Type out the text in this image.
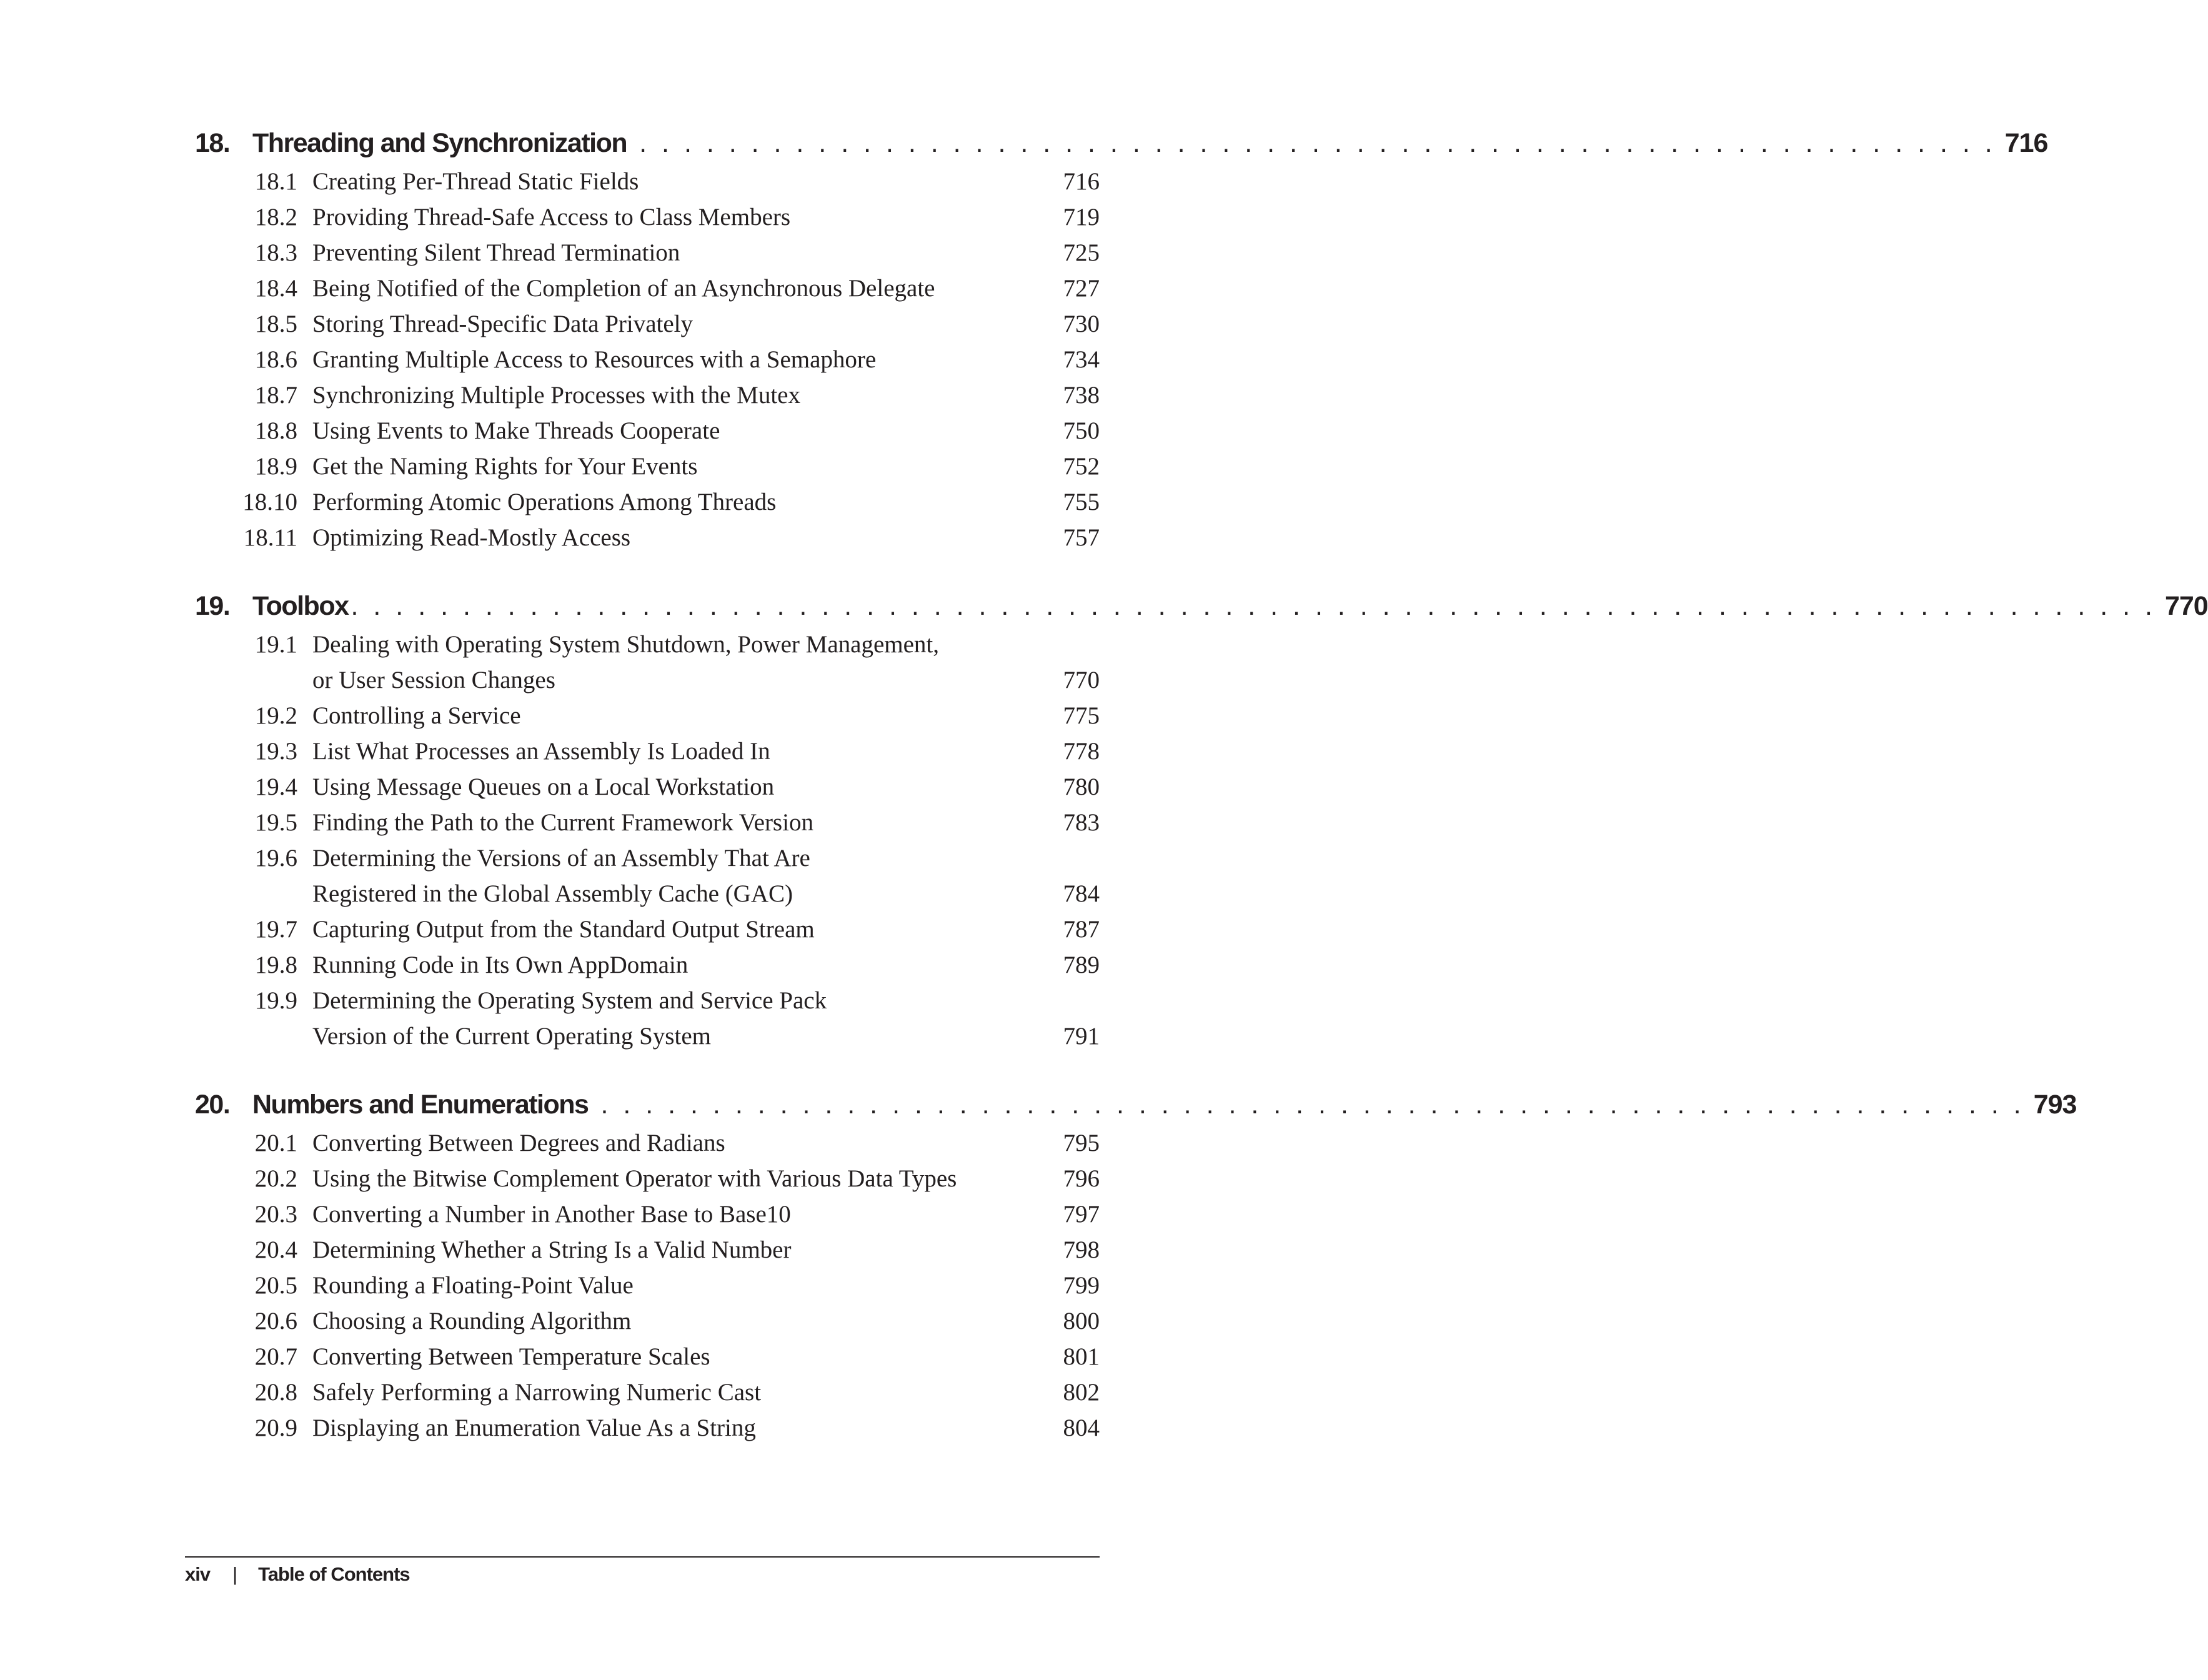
18. Threading and Synchronization . . . . . . . . . . . . . . . . . . . . . . . . . . . . . . . . . . . . . . . . . . . . . . . . . . . . . . . . . . . . . 716
18.1 Creating Per-Thread Static Fields	716
18.2 Providing Thread-Safe Access to Class Members	719
18.3 Preventing Silent Thread Termination	725
18.4 Being Notified of the Completion of an Asynchronous Delegate	727
18.5 Storing Thread-Specific Data Privately	730
18.6 Granting Multiple Access to Resources with a Semaphore	734
18.7 Synchronizing Multiple Processes with the Mutex	738
18.8 Using Events to Make Threads Cooperate	750
18.9 Get the Naming Rights for Your Events	752
18.10 Performing Atomic Operations Among Threads	755
18.11 Optimizing Read-Mostly Access	757
19. Toolbox . . . . . . . . . . . . . . . . . . . . . . . . . . . . . . . . . . . . . . . . . . . . . . . . . . . . . . . . . . . . . . . . . . . . . . . . . . . . . . . . . 770
19.1 Dealing with Operating System Shutdown, Power Management,
or User Session Changes	770
19.2 Controlling a Service	775
19.3 List What Processes an Assembly Is Loaded In	778
19.4 Using Message Queues on a Local Workstation	780
19.5 Finding the Path to the Current Framework Version	783
19.6 Determining the Versions of an Assembly That Are
Registered in the Global Assembly Cache (GAC)	784
19.7 Capturing Output from the Standard Output Stream	787
19.8 Running Code in Its Own AppDomain	789
19.9 Determining the Operating System and Service Pack
Version of the Current Operating System	791
20. Numbers and Enumerations . . . . . . . . . . . . . . . . . . . . . . . . . . . . . . . . . . . . . . . . . . . . . . . . . . . . . . . . . . . . . . . . 793
20.1 Converting Between Degrees and Radians	795
20.2 Using the Bitwise Complement Operator with Various Data Types	796
20.3 Converting a Number in Another Base to Base10	797
20.4 Determining Whether a String Is a Valid Number	798
20.5 Rounding a Floating-Point Value	799
20.6 Choosing a Rounding Algorithm	800
20.7 Converting Between Temperature Scales	801
20.8 Safely Performing a Narrowing Numeric Cast	802
20.9 Displaying an Enumeration Value As a String	804
xiv | Table of Contents
